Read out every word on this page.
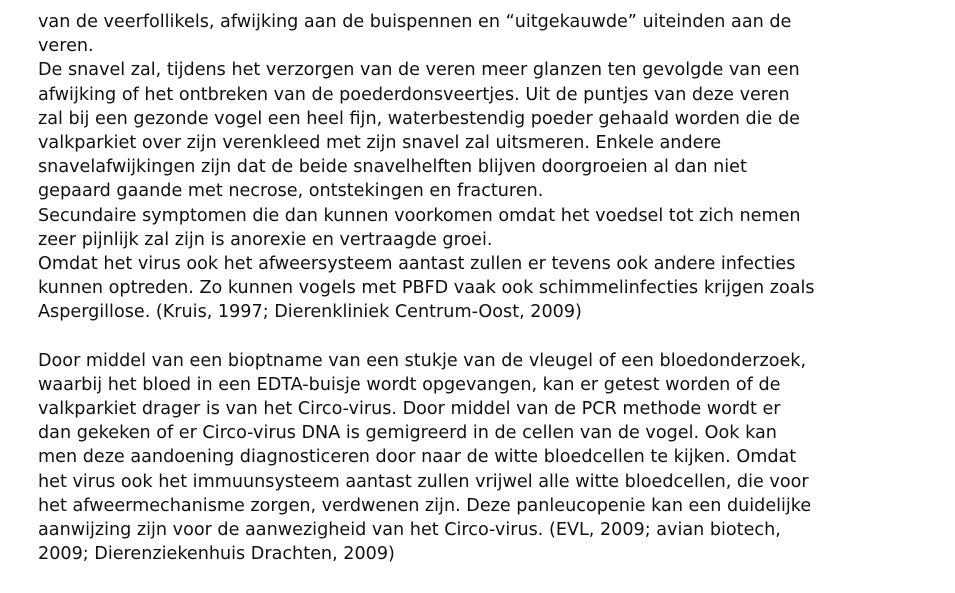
van de veerfollikels, afwijking aan de buispennen en “uitgekauwde” uiteinden aan de
veren.
De snavel zal, tijdens het verzorgen van de veren meer glanzen ten gevolgde van een
afwijking of het ontbreken van de poederdonsveertjes. Uit de puntjes van deze veren
zal bij een gezonde vogel een heel fijn, waterbestendig poeder gehaald worden die de
valkparkiet over zijn verenkleed met zijn snavel zal uitsmeren. Enkele andere
snavelafwijkingen zijn dat de beide snavelhelften blijven doorgroeien al dan niet
gepaard gaande met necrose, ontstekingen en fracturen.
Secundaire symptomen die dan kunnen voorkomen omdat het voedsel tot zich nemen
zeer pijnlijk zal zijn is anorexie en vertraagde groei.
Omdat het virus ook het afweersysteem aantast zullen er tevens ook andere infecties
kunnen optreden. Zo kunnen vogels met PBFD vaak ook schimmelinfecties krijgen zoals
Aspergillose. (Kruis, 1997; Dierenkliniek Centrum-Oost, 2009)
Door middel van een bioptname van een stukje van de vleugel of een bloedonderzoek,
waarbij het bloed in een EDTA-buisje wordt opgevangen, kan er getest worden of de
valkparkiet drager is van het Circo-virus. Door middel van de PCR methode wordt er
dan gekeken of er Circo-virus DNA is gemigreerd in de cellen van de vogel. Ook kan
men deze aandoening diagnosticeren door naar de witte bloedcellen te kijken. Omdat
het virus ook het immuunsysteem aantast zullen vrijwel alle witte bloedcellen, die voor
het afweermechanisme zorgen, verdwenen zijn. Deze panleucopenie kan een duidelijke
aanwijzing zijn voor de aanwezigheid van het Circo-virus. (EVL, 2009; avian biotech,
2009; Dierenziekenhuis Drachten, 2009)
